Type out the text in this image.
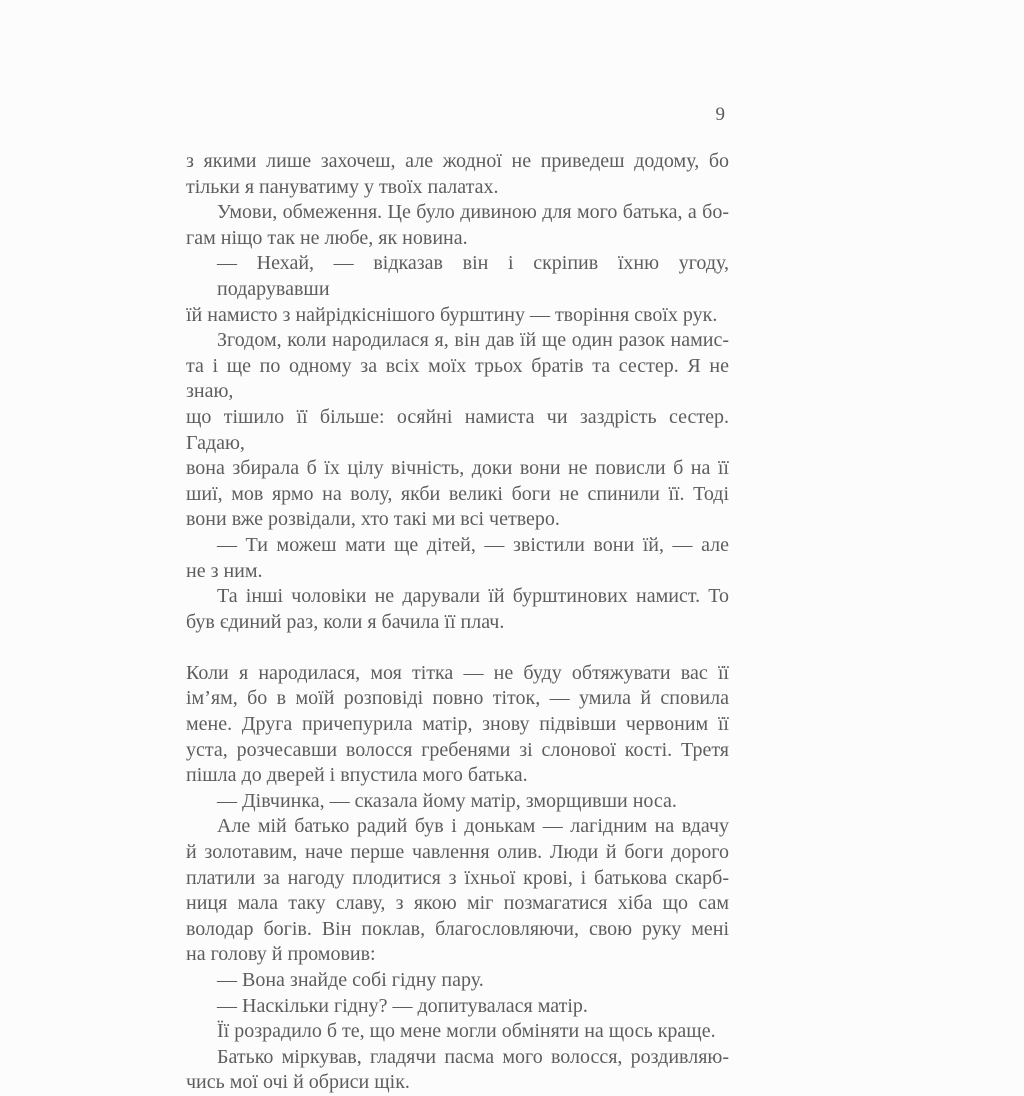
9

з якими лише захочеш, але жодної не приведеш додому, бо
тільки я пануватиму у твоїх палатах.

Умови, обмеження. Це було дивиною для мого батька, а бо-
гам ніщо так не любе, як новина.

— Нехай, — відказав він і скріпив їхню угоду, подарувавши
їй намисто з найрідкіснішого бурштину — творіння своїх рук.

Згодом, коли народилася я, він дав їй ще один разок намис-
та і ще по одному за всіх моїх трьох братів та сестер. Я не знаю,
що тішило її більше: осяйні намиста чи заздрість сестер. Гадаю,
вона збирала б їх цілу вічність, доки вони не повисли б на її
шиї, мов ярмо на волу, якби великі боги не спинили її. Тоді
вони вже розвідали, хто такі ми всі четверо.

— Ти можеш мати ще дітей, — звістили вони їй, — але
не з ним.

Та інші чоловіки не дарували їй бурштинових намист. То
був єдиний раз, коли я бачила її плач.

Коли я народилася, моя тітка — не буду обтяжувати вас її
ім’ям, бо в моїй розповіді повно тіток, — умила й сповила
мене. Друга причепурила матір, знову підвівши червоним її
уста, розчесавши волосся гребенями зі слонової кості. Третя
пішла до дверей і впустила мого батька.

— Дівчинка, — сказала йому матір, зморщивши носа.

Але мій батько радий був і донькам — лагідним на вдачу
й золотавим, наче перше чавлення олив. Люди й боги дорого
платили за нагоду плодитися з їхньої крові, і батькова скарб-
ниця мала таку славу, з якою міг позмагатися хіба що сам
володар богів. Він поклав, благословляючи, свою руку мені
на голову й промовив:

— Вона знайде собі гідну пару.

— Наскільки гідну? — допитувалася матір.

Її розрадило б те, що мене могли обміняти на щось краще.

Батько міркував, гладячи пасма мого волосся, роздивляю-
чись мої очі й обриси щік.
